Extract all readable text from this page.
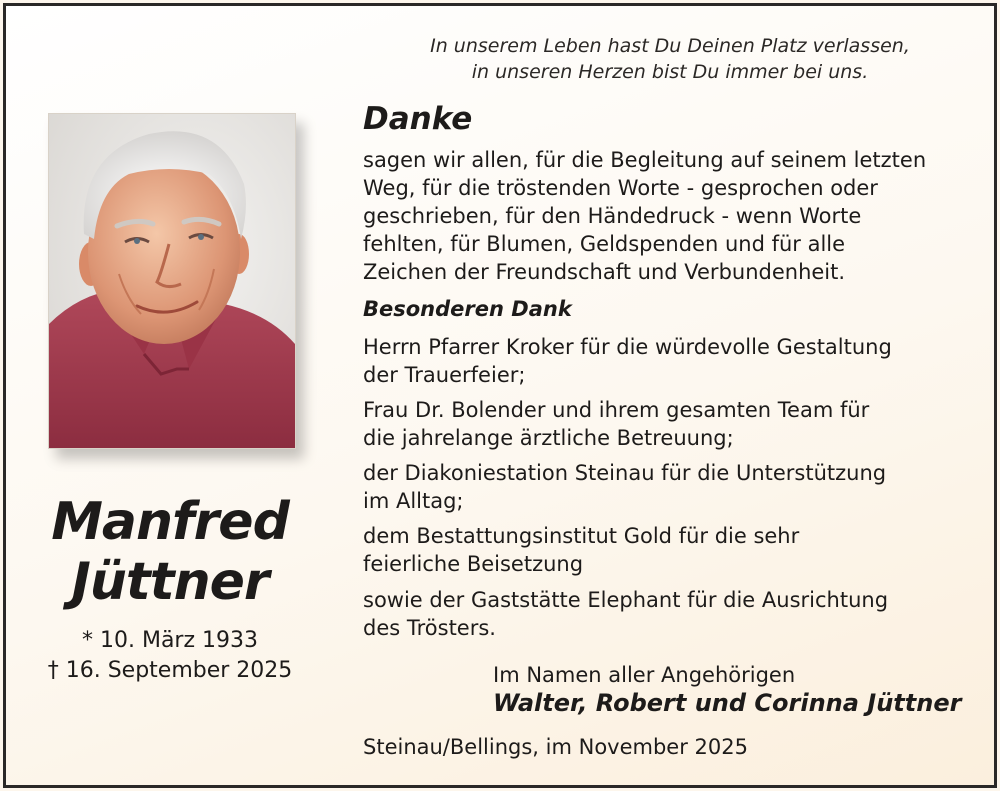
In unserem Leben hast Du Deinen Platz verlassen,
in unseren Herzen bist Du immer bei uns.
Manfred
Jüttner
* 10. März 1933
† 16. September 2025
Danke
sagen wir allen, für die Begleitung auf seinem letzten
Weg, für die tröstenden Worte - gesprochen oder
geschrieben, für den Händedruck - wenn Worte
fehlten, für Blumen, Geldspenden und für alle
Zeichen der Freundschaft und Verbundenheit.
Besonderen Dank
Herrn Pfarrer Kroker für die würdevolle Gestaltung
der Trauerfeier;
Frau Dr. Bolender und ihrem gesamten Team für
die jahrelange ärztliche Betreuung;
der Diakoniestation Steinau für die Unterstützung
im Alltag;
dem Bestattungsinstitut Gold für die sehr
feierliche Beisetzung
sowie der Gaststätte Elephant für die Ausrichtung
des Trösters.
Im Namen aller Angehörigen
Walter, Robert und Corinna Jüttner
Steinau/Bellings, im November 2025
